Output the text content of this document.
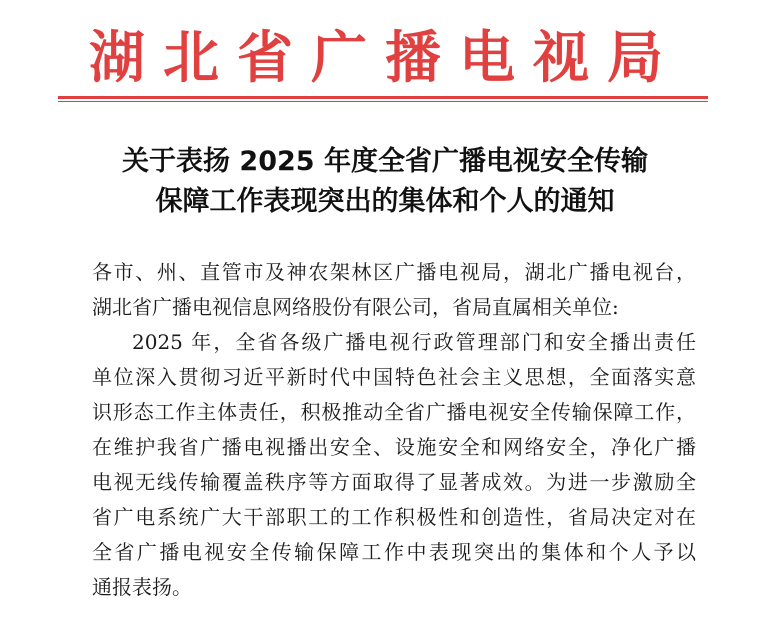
湖北省广播电视局
关于表扬 2025 年度全省广播电视安全传输
保障工作表现突出的集体和个人的通知
各市、州、直管市及神农架林区广播电视局，湖北广播电视台，
湖北省广播电视信息网络股份有限公司，省局直属相关单位:
2025 年，全省各级广播电视行政管理部门和安全播出责任
单位深入贯彻习近平新时代中国特色社会主义思想，全面落实意
识形态工作主体责任，积极推动全省广播电视安全传输保障工作，
在维护我省广播电视播出安全、设施安全和网络安全，净化广播
电视无线传输覆盖秩序等方面取得了显著成效。为进一步激励全
省广电系统广大干部职工的工作积极性和创造性，省局决定对在
全省广播电视安全传输保障工作中表现突出的集体和个人予以
通报表扬。
